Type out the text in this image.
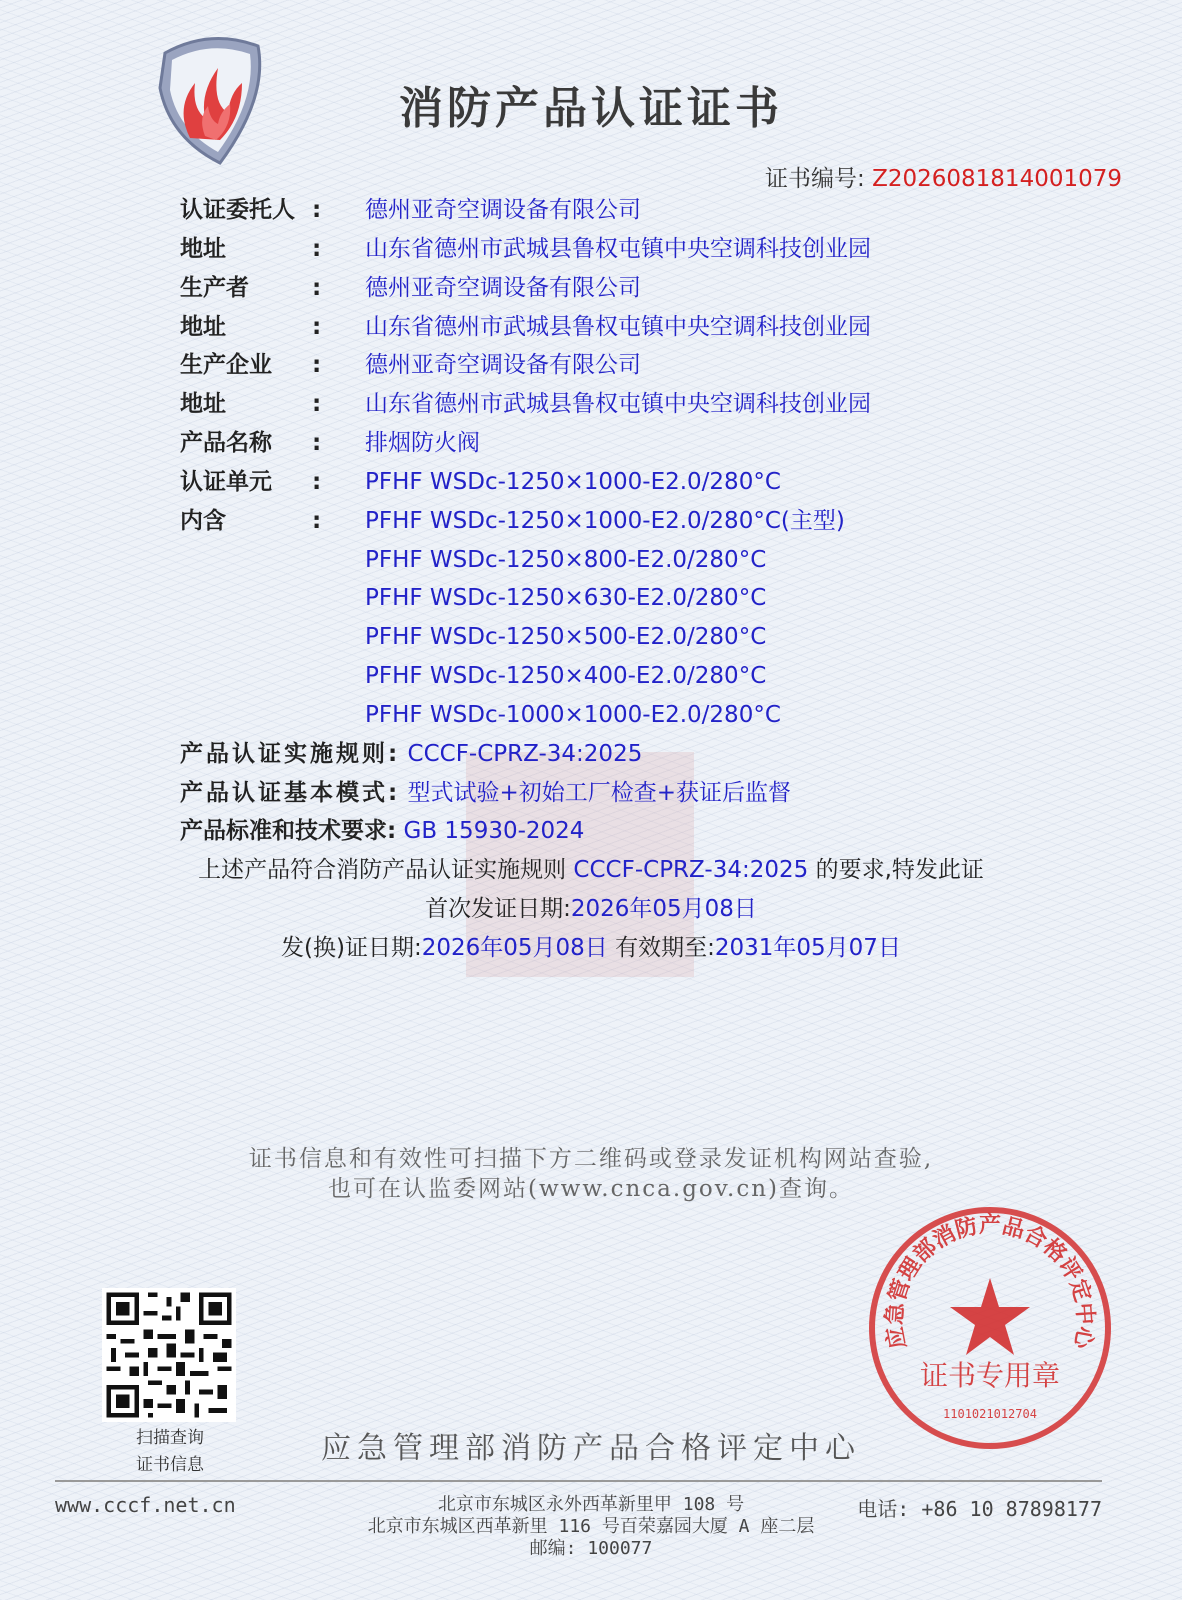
消防产品认证证书
证书编号: Z2026081814001079
认证委托人 : 德州亚奇空调设备有限公司
地址	: 山东省德州市武城县鲁权屯镇中央空调科技创业园
生产者	: 德州亚奇空调设备有限公司
地址	: 山东省德州市武城县鲁权屯镇中央空调科技创业园
生产企业	: 德州亚奇空调设备有限公司
地址	: 山东省德州市武城县鲁权屯镇中央空调科技创业园
产品名称	: 排烟防火阀
认证单元	: PFHF WSDc-1250×1000-E2.0/280°C
内含	: PFHF WSDc-1250×1000-E2.0/280°C(主型)
PFHF WSDc-1250×800-E2.0/280°C
PFHF WSDc-1250×630-E2.0/280°C
PFHF WSDc-1250×500-E2.0/280°C
PFHF WSDc-1250×400-E2.0/280°C
PFHF WSDc-1000×1000-E2.0/280°C
产品认证实施规则: CCCF-CPRZ-34:2025
产品认证基本模式: 型式试验+初始工厂检查+获证后监督
产品标准和技术要求: GB 15930-2024
上述产品符合消防产品认证实施规则 CCCF-CPRZ-34:2025 的要求,特发此证
首次发证日期:2026年05月08日
发(换)证日期:2026年05月08日 有效期至:2031年05月07日
证书信息和有效性可扫描下方二维码或登录发证机构网站查验,
也可在认监委网站(www.cnca.gov.cn)查询。
扫描查询
证书信息	应急管理部消防产品合格评定中心
应急管理部消防产品合格评定中心
证书专用章
1101021012704
www.cccf.net.cn	北京市东城区永外西革新里甲 108 号
北京市东城区西革新里 116 号百荣嘉园大厦 A 座二层
邮编: 100077
电话: +86 10 87898177
